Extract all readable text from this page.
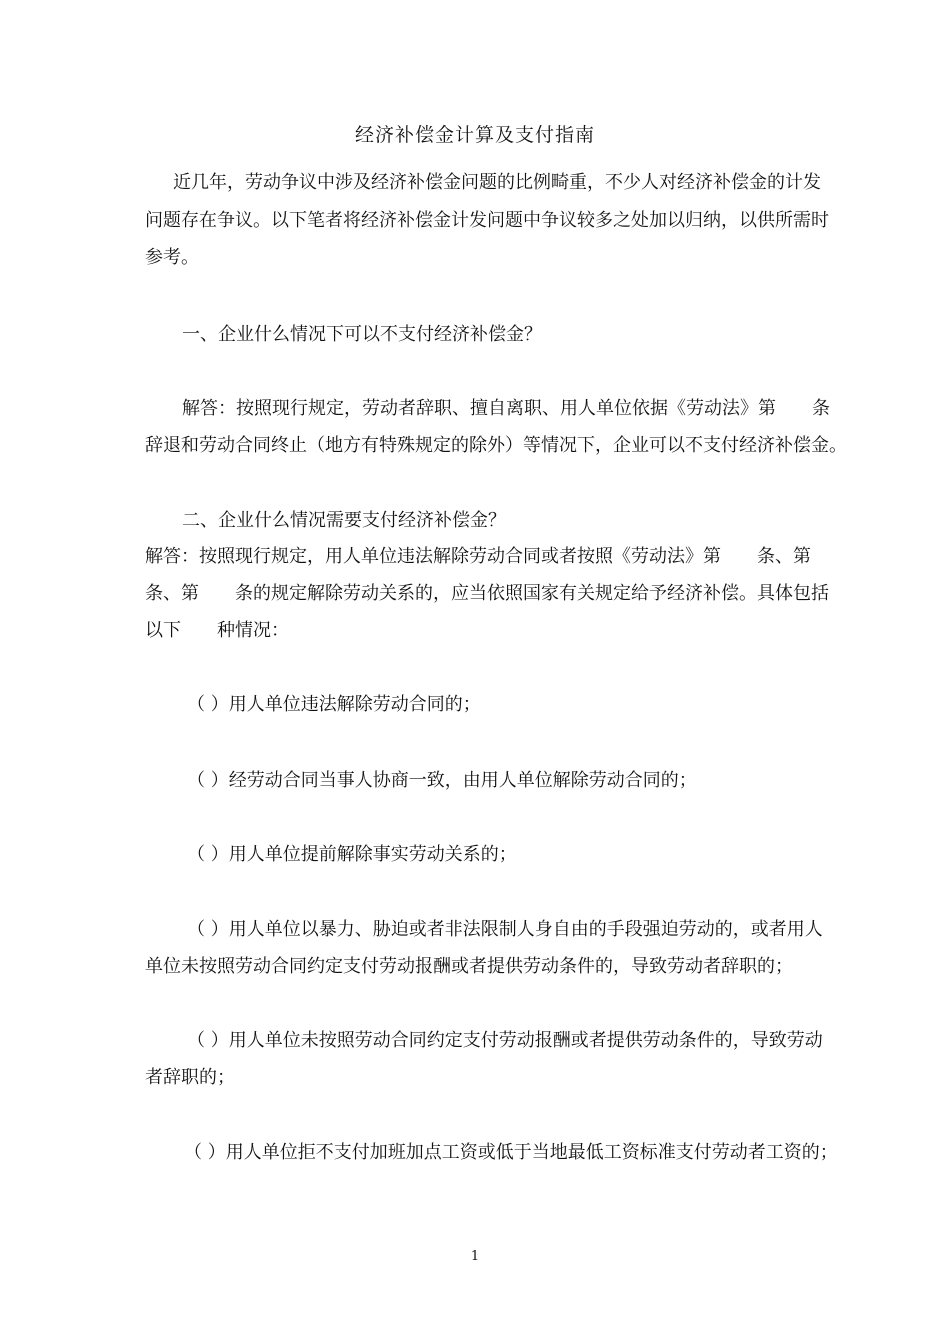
经济补偿金计算及支付指南
近几年，劳动争议中涉及经济补偿金问题的比例畸重，不少人对经济补偿金的计发
问题存在争议。以下笔者将经济补偿金计发问题中争议较多之处加以归纳，以供所需时
参考。
一、企业什么情况下可以不支付经济补偿金？
解答：按照现行规定，劳动者辞职、擅自离职、用人单位依据《劳动法》第　　条
辞退和劳动合同终止（地方有特殊规定的除外）等情况下，企业可以不支付经济补偿金。
二、企业什么情况需要支付经济补偿金？
解答：按照现行规定，用人单位违法解除劳动合同或者按照《劳动法》第　　条、第
条、第　　条的规定解除劳动关系的，应当依照国家有关规定给予经济补偿。具体包括
以下　　种情况：
（ ）用人单位违法解除劳动合同的；
（ ）经劳动合同当事人协商一致，由用人单位解除劳动合同的；
（ ）用人单位提前解除事实劳动关系的；
（ ）用人单位以暴力、胁迫或者非法限制人身自由的手段强迫劳动的，或者用人
单位未按照劳动合同约定支付劳动报酬或者提供劳动条件的，导致劳动者辞职的；
（ ）用人单位未按照劳动合同约定支付劳动报酬或者提供劳动条件的，导致劳动
者辞职的；
（ ）用人单位拒不支付加班加点工资或低于当地最低工资标准支付劳动者工资的；
1
